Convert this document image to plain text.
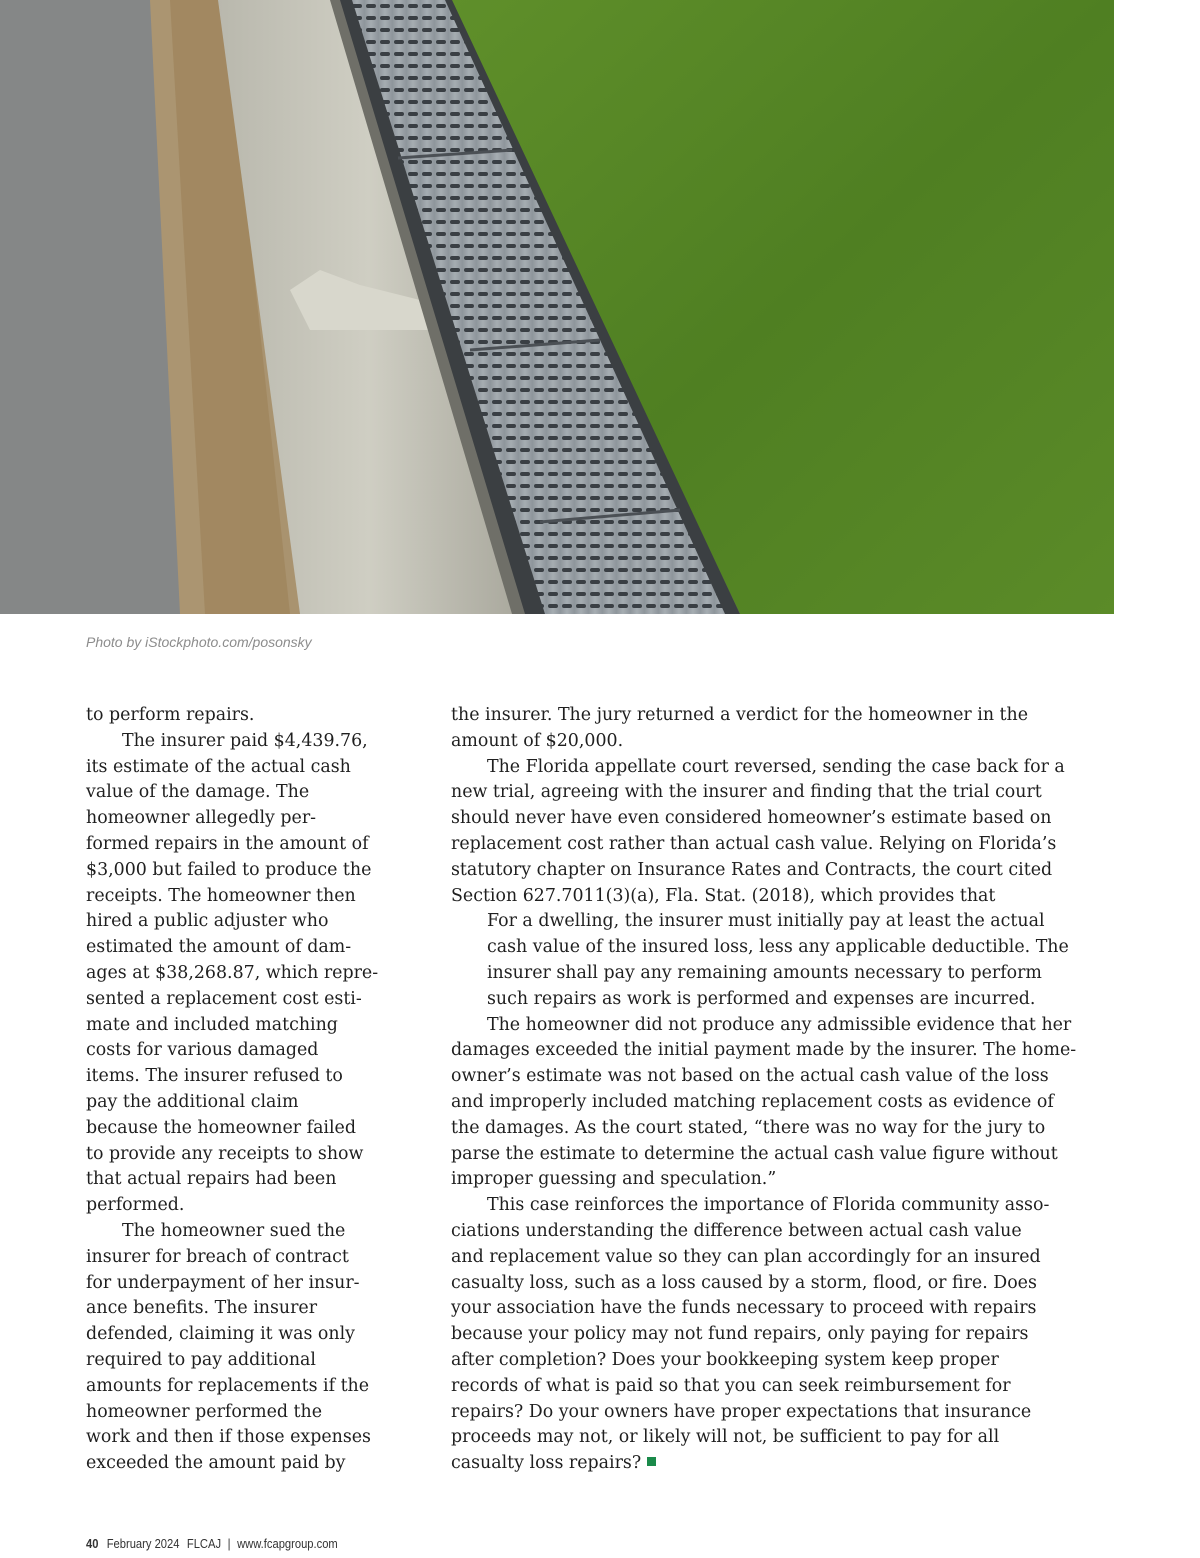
Photo by iStockphoto.com/posonsky

to perform repairs.

The insurer paid $4,439.76,
its estimate of the actual cash
value of the damage. The
homeowner allegedly per-
formed repairs in the amount of
$3,000 but failed to produce the
receipts. The homeowner then
hired a public adjuster who
estimated the amount of dam-
ages at $38,268.87, which repre-
sented a replacement cost esti-
mate and included matching
costs for various damaged
items. The insurer refused to
pay the additional claim
because the homeowner failed
to provide any receipts to show
that actual repairs had been
performed.

The homeowner sued the
insurer for breach of contract
for underpayment of her insur-
ance benefits. The insurer
defended, claiming it was only
required to pay additional
amounts for replacements if the
homeowner performed the
work and then if those expenses
exceeded the amount paid by

the insurer. The jury returned a verdict for the homeowner in the
amount of $20,000.

The Florida appellate court reversed, sending the case back for a
new trial, agreeing with the insurer and finding that the trial court
should never have even considered homeowner’s estimate based on
replacement cost rather than actual cash value. Relying on Florida’s
statutory chapter on Insurance Rates and Contracts, the court cited
Section 627.7011(3)(a), Fla. Stat. (2018), which provides that

For a dwelling, the insurer must initially pay at least the actual
cash value of the insured loss, less any applicable deductible. The
insurer shall pay any remaining amounts necessary to perform
such repairs as work is performed and expenses are incurred.

The homeowner did not produce any admissible evidence that her
damages exceeded the initial payment made by the insurer. The home-
owner’s estimate was not based on the actual cash value of the loss
and improperly included matching replacement costs as evidence of
the damages. As the court stated, “there was no way for the jury to
parse the estimate to determine the actual cash value figure without
improper guessing and speculation.”

This case reinforces the importance of Florida community asso-
ciations understanding the difference between actual cash value
and replacement value so they can plan accordingly for an insured
casualty loss, such as a loss caused by a storm, flood, or fire. Does
your association have the funds necessary to proceed with repairs
because your policy may not fund repairs, only paying for repairs
after completion? Does your bookkeeping system keep proper
records of what is paid so that you can seek reimbursement for
repairs? Do your owners have proper expectations that insurance
proceeds may not, or likely will not, be sufficient to pay for all
casualty loss repairs?

40 February 2024 FLCAJ | www.fcapgroup.com
